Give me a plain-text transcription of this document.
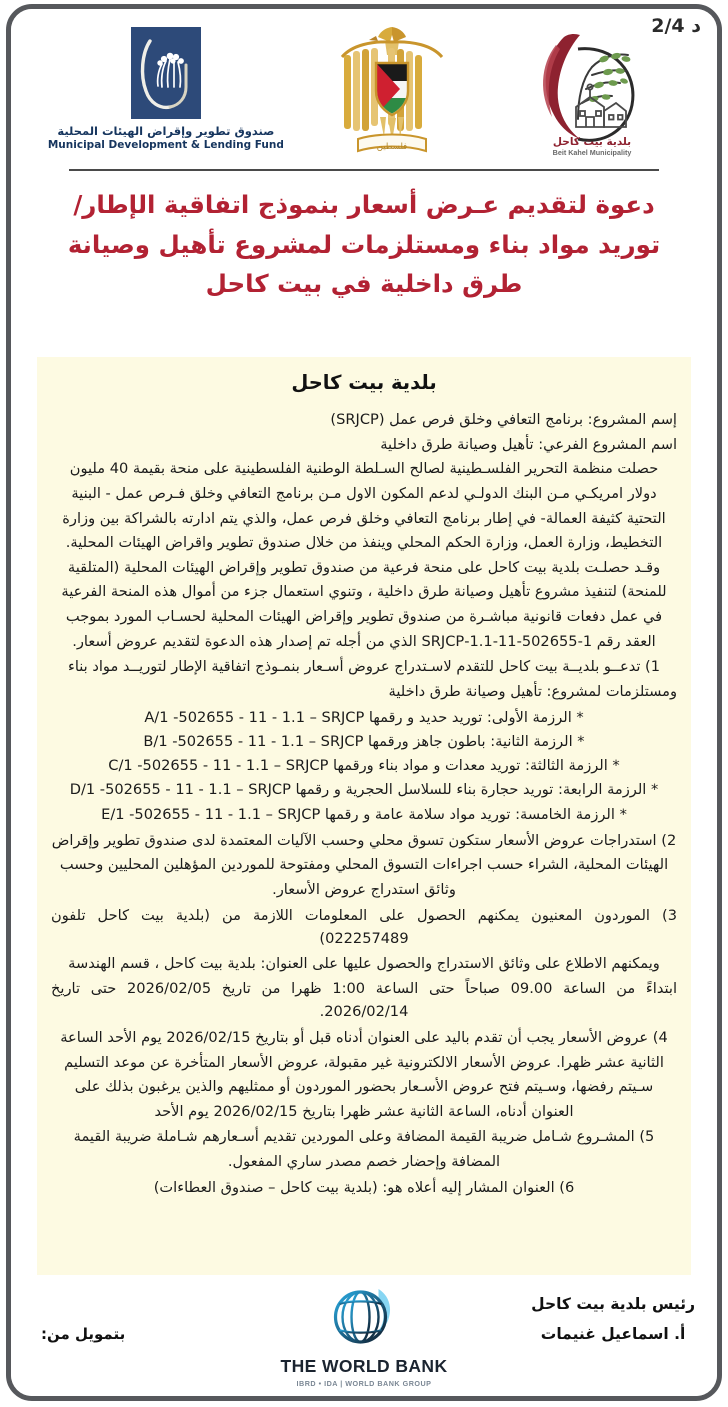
د 2/4
صندوق تطوير وإقراض الهيئات المحلية
Municipal Development & Lending Fund	فلسطين	بلدية بيت كاحل
Beit Kahel Municipality
دعوة لتقديم عـرض أسعار بنموذج اتفاقية الإطار/
توريد مواد بناء ومستلزمات لمشروع تأهيل وصيانة
طرق داخلية في بيت كاحل
بلدية بيت كاحل
إسم المشروع: برنامج التعافي وخلق فرص عمل (SRJCP)
اسم المشروع الفرعي: تأهيل وصيانة طرق داخلية
حصلت منظمة التحرير الفلسـطينية لصالح السـلطة الوطنية الفلسطينية على منحة بقيمة 40 مليون
دولار امريكـي مـن البنك الدولـي لدعم المكون الاول مـن برنامج التعافي وخلق فـرص عمل - البنية
التحتية كثيفة العمالة- في إطار برنامج التعافي وخلق فرص عمل، والذي يتم ادارته بالشراكة بين وزارة
التخطيط، وزارة العمل، وزارة الحكم المحلي وينفذ من خلال صندوق تطوير واقراض الهيئات المحلية.
وقـد حصلـت بلدية بيت كاحل على منحة فرعية من صندوق تطوير وإقراض الهيئات المحلية (المتلقية
للمنحة) لتنفيذ مشروع تأهيل وصيانة طرق داخلية ، وتنوي استعمال جزء من أموال هذه المنحة الفرعية
في عمل دفعات قانونية مباشـرة من صندوق تطوير وإقراض الهيئات المحلية لحسـاب المورد بموجب
العقد رقم 1-502655-11-1.1-SRJCP الذي من أجله تم إصدار هذه الدعوة لتقديم عروض أسعار.
1) تدعــو بلديــة بيت كاحل للتقدم لاسـتدراج عروض أسـعار بنمـوذج اتفاقية الإطار لتوريــد مواد بناء
ومستلزمات لمشروع: تأهيل وصيانة طرق داخلية
* الرزمة الأولى: توريد حديد و رقمها A/1 -502655 - 11 - 1.1 – SRJCP
* الرزمة الثانية: باطون جاهز ورقمها B/1 -502655 - 11 - 1.1 – SRJCP
* الرزمة الثالثة: توريد معدات و مواد بناء ورقمها C/1 -502655 - 11 - 1.1 – SRJCP
* الرزمة الرابعة: توريد حجارة بناء للسلاسل الحجرية و رقمها D/1 -502655 - 11 - 1.1 – SRJCP
* الرزمة الخامسة: توريد مواد سلامة عامة و رقمها E/1 -502655 - 11 - 1.1 – SRJCP
2) استدراجات عروض الأسعار ستكون تسوق محلي وحسب الآليات المعتمدة لدى صندوق تطوير وإقراض
الهيئات المحلية، الشراء حسب اجراءات التسوق المحلي ومفتوحة للموردين المؤهلين المحليين وحسب
وثائق استدراج عروض الأسعار.
3) الموردون المعنيون يمكنهم الحصول على المعلومات اللازمة من (بلدية بيت كاحل تلفون 022257489)
ويمكنهم الاطلاع على وثائق الاستدراج والحصول عليها على العنوان: بلدية بيت كاحل ، قسم الهندسة
ابتداءً من الساعة 09.00 صباحاً حتى الساعة 1:00 ظهرا من تاريخ 2026/02/05 حتى تاريخ 2026/02/14.
4) عروض الأسعار يجب أن تقدم باليد على العنوان أدناه قبل أو بتاريخ 2026/02/15 يوم الأحد الساعة
الثانية عشر ظهرا. عروض الأسعار الالكترونية غير مقبولة، عروض الأسعار المتأخرة عن موعد التسليم
سـيتم رفضها، وسـيتم فتح عروض الأسـعار بحضور الموردون أو ممثليهم والذين يرغبون بذلك على
العنوان أدناه، الساعة الثانية عشر ظهرا بتاريخ 2026/02/15 يوم الأحد
5) المشـروع شـامل ضريبة القيمة المضافة وعلى الموردين تقديم أسـعارهم شـاملة ضريبة القيمة
المضافة وإحضار خصم مصدر ساري المفعول.
6) العنوان المشار إليه أعلاه هو: (بلدية بيت كاحل – صندوق العطاءات)
رئيس بلدية بيت كاحل
أ. اسماعيل غنيمات
بتمويل من:
THE WORLD BANK
IBRD • IDA | WORLD BANK GROUP
